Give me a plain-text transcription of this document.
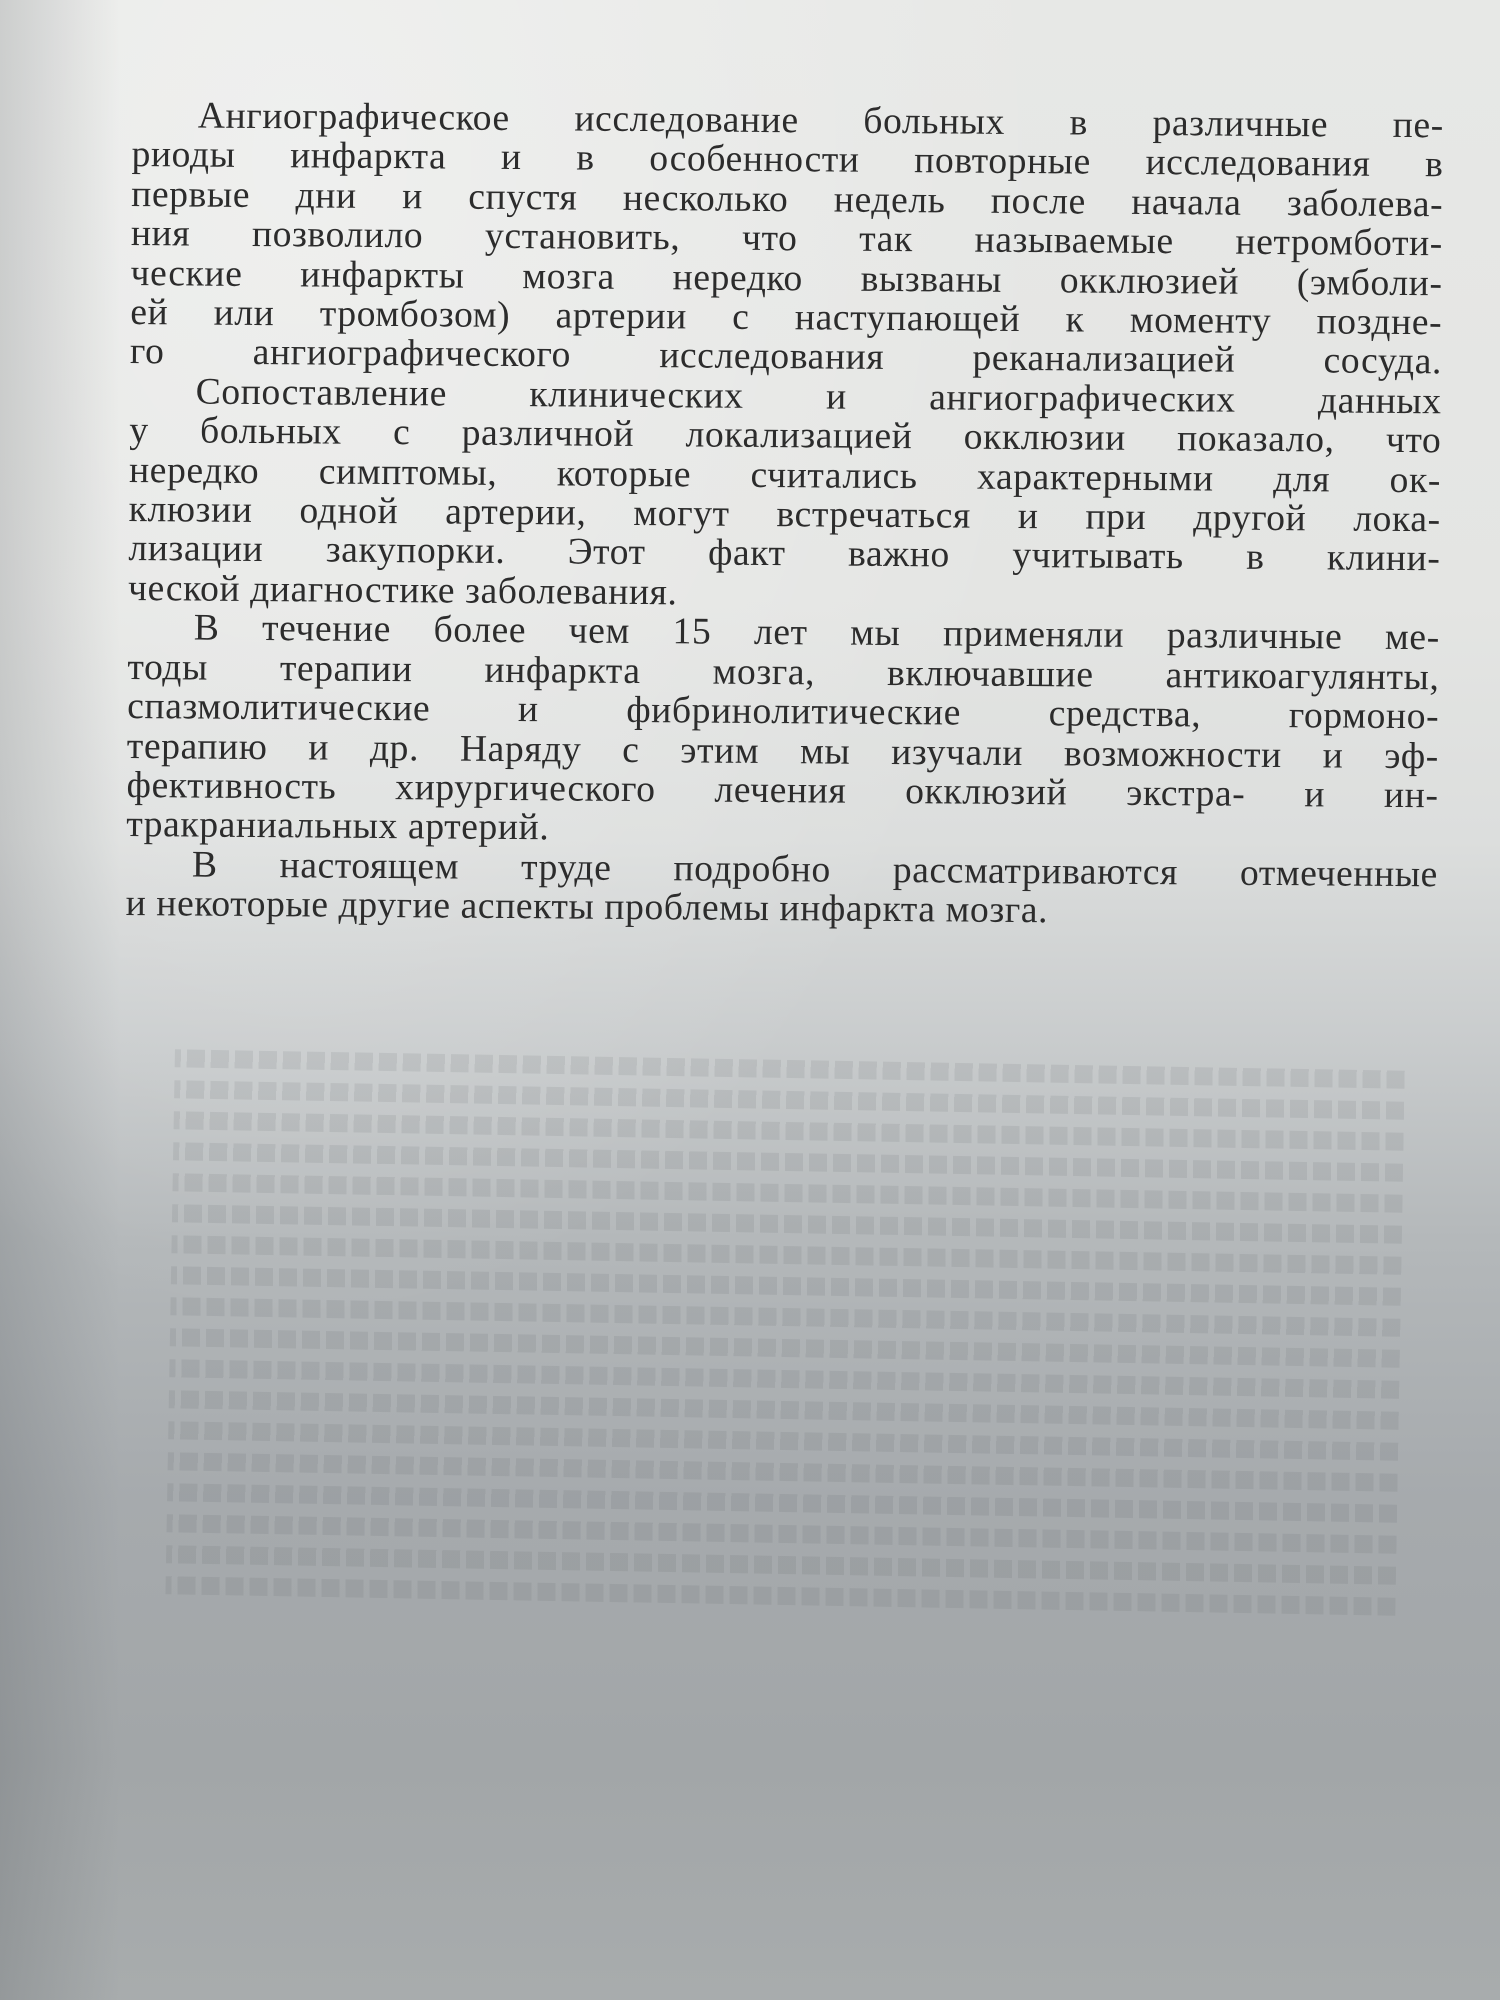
Ангиографическое исследование больных в различные пе-
риоды инфаркта и в особенности повторные исследования в
первые дни и спустя несколько недель после начала заболева-
ния позволило установить, что так называемые нетромботи-
ческие инфаркты мозга нередко вызваны окклюзией (эмболи-
ей или тромбозом) артерии с наступающей к моменту поздне-
го ангиографического исследования реканализацией сосуда.

Сопоставление клинических и ангиографических данных
у больных с различной локализацией окклюзии показало, что
нередко симптомы, которые считались характерными для ок-
клюзии одной артерии, могут встречаться и при другой лока-
лизации закупорки. Этот факт важно учитывать в клини-
ческой диагностике заболевания.

В течение более чем 15 лет мы применяли различные ме-
тоды терапии инфаркта мозга, включавшие антикоагулянты,
спазмолитические и фибринолитические средства, гормоно-
терапию и др. Наряду с этим мы изучали возможности и эф-
фективность хирургического лечения окклюзий экстра- и ин-
тракраниальных артерий.

В настоящем труде подробно рассматриваются отмеченные
и некоторые другие аспекты проблемы инфаркта мозга.
